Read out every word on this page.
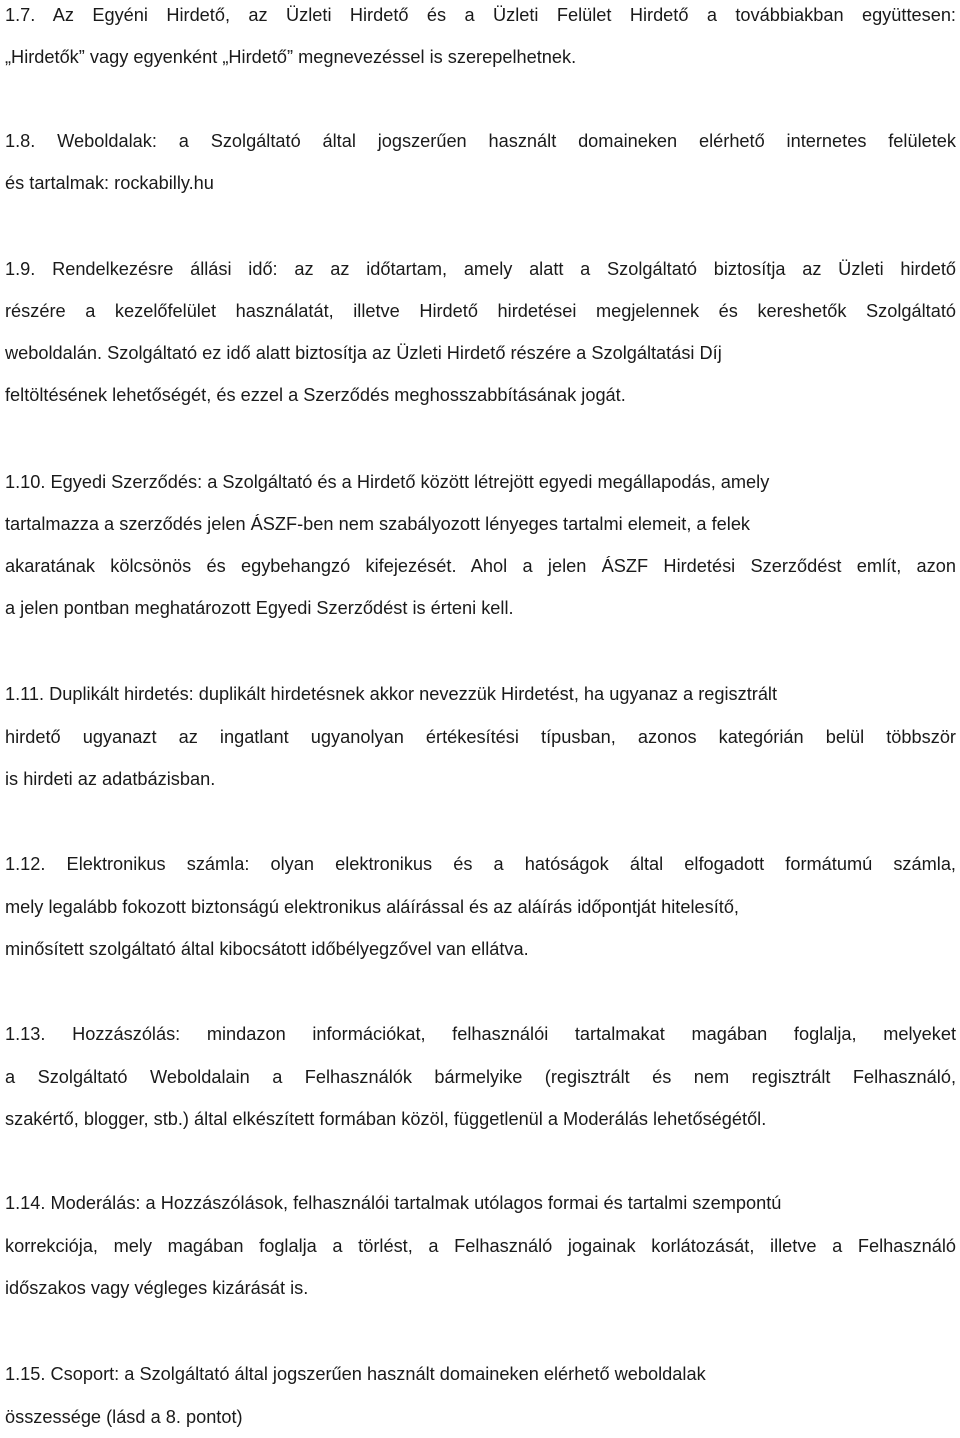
1.7. Az Egyéni Hirdető, az Üzleti Hirdető és a Üzleti Felület Hirdető a továbbiakban együttesen:
„Hirdetők” vagy egyenként „Hirdető” megnevezéssel is szerepelhetnek.
1.8. Weboldalak: a Szolgáltató által jogszerűen használt domaineken elérhető internetes felületek
és tartalmak: rockabilly.hu
1.9. Rendelkezésre állási idő: az az időtartam, amely alatt a Szolgáltató biztosítja az Üzleti hirdető
részére a kezelőfelület használatát, illetve Hirdető hirdetései megjelennek és kereshetők Szolgáltató
weboldalán. Szolgáltató ez idő alatt biztosítja az Üzleti Hirdető részére a Szolgáltatási Díj
feltöltésének lehetőségét, és ezzel a Szerződés meghosszabbításának jogát.
1.10. Egyedi Szerződés: a Szolgáltató és a Hirdető között létrejött egyedi megállapodás, amely
tartalmazza a szerződés jelen ÁSZF-ben nem szabályozott lényeges tartalmi elemeit, a felek
akaratának kölcsönös és egybehangzó kifejezését. Ahol a jelen ÁSZF Hirdetési Szerződést említ, azon
a jelen pontban meghatározott Egyedi Szerződést is érteni kell.
1.11. Duplikált hirdetés: duplikált hirdetésnek akkor nevezzük Hirdetést, ha ugyanaz a regisztrált
hirdető ugyanazt az ingatlant ugyanolyan értékesítési típusban, azonos kategórián belül többször
is hirdeti az adatbázisban.
1.12. Elektronikus számla: olyan elektronikus és a hatóságok által elfogadott formátumú számla,
mely legalább fokozott biztonságú elektronikus aláírással és az aláírás időpontját hitelesítő,
minősített szolgáltató által kibocsátott időbélyegzővel van ellátva.
1.13. Hozzászólás: mindazon információkat, felhasználói tartalmakat magában foglalja, melyeket
a Szolgáltató Weboldalain a Felhasználók bármelyike (regisztrált és nem regisztrált Felhasználó,
szakértő, blogger, stb.) által elkészített formában közöl, függetlenül a Moderálás lehetőségétől.
1.14. Moderálás: a Hozzászólások, felhasználói tartalmak utólagos formai és tartalmi szempontú
korrekciója, mely magában foglalja a törlést, a Felhasználó jogainak korlátozását, illetve a Felhasználó
időszakos vagy végleges kizárását is.
1.15. Csoport: a Szolgáltató által jogszerűen használt domaineken elérhető weboldalak
összessége (lásd a 8. pontot)
